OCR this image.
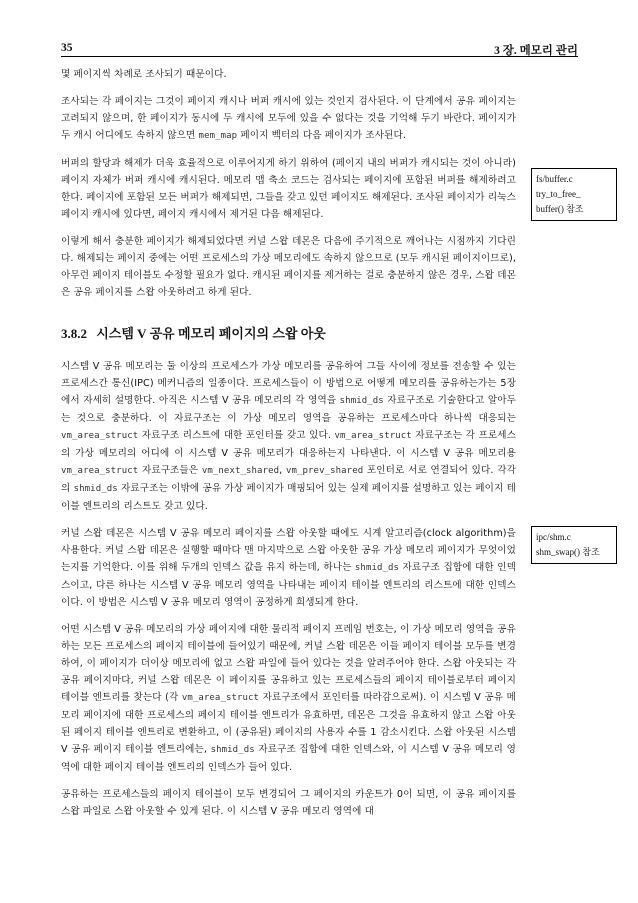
35	3 장. 메모리 관리

몇 페이지씩 차례로 조사되기 때문이다.

조사되는 각 페이지는 그것이 페이지 캐시나 버퍼 캐시에 있는 것인지 검사된다. 이 단계에서 공유 페이지는 고려되지 않으며, 한 페이지가 동시에 두 캐시에 모두에 있을 수 없다는 것을 기억해 두기 바란다. 페이지가 두 캐시 어디에도 속하지 않으면 mem_map 페이지 벡터의 다음 페이지가 조사된다.

버퍼의 할당과 해제가 더욱 효율적으로 이루어지게 하기 위하여 (페이지 내의 버퍼가 캐시되는 것이 아니라) 페이지 자체가 버퍼 캐시에 캐시된다. 메모리 맵 축소 코드는 검사되는 페이지에 포함된 버퍼를 해제하려고 한다. 페이지에 포함된 모든 버퍼가 해제되면, 그들을 갖고 있던 페이지도 해제된다. 조사된 페이지가 리눅스 페이지 캐시에 있다면, 페이지 캐시에서 제거된 다음 해제된다.

이렇게 해서 충분한 페이지가 해제되었다면 커널 스왑 데몬은 다음에 주기적으로 깨어나는 시점까지 기다린다. 해제되는 페이지 중에는 어떤 프로세스의 가상 메모리에도 속하지 않으므로 (모두 캐시된 페이지이므로), 아무런 페이지 테이블도 수정할 필요가 없다. 캐시된 페이지를 제거하는 걸로 충분하지 않은 경우, 스왑 데몬은 공유 페이지를 스왑 아웃하려고 하게 된다.

3.8.2 시스템 V 공유 메모리 페이지의 스왑 아웃

시스템 V 공유 메모리는 둘 이상의 프로세스가 가상 메모리를 공유하여 그들 사이에 정보를 전송할 수 있는 프로세스간 통신(IPC) 메커니즘의 일종이다. 프로세스들이 이 방법으로 어떻게 메모리를 공유하는가는 5장에서 자세히 설명한다. 아직은 시스템 V 공유 메모리의 각 영역을 shmid_ds 자료구조로 기술한다고 알아두는 것으로 충분하다. 이 자료구조는 이 가상 메모리 영역을 공유하는 프로세스마다 하나씩 대응되는 vm_area_struct 자료구조 리스트에 대한 포인터를 갖고 있다. vm_area_struct 자료구조는 각 프로세스의 가상 메모리의 어디에 이 시스템 V 공유 메모리가 대응하는지 나타낸다. 이 시스템 V 공유 메모리용 vm_area_struct 자료구조들은 vm_next_shared, vm_prev_shared 포인터로 서로 연결되어 있다. 각각의 shmid_ds 자료구조는 이밖에 공유 가상 페이지가 매핑되어 있는 실제 페이지를 설명하고 있는 페이지 테이블 엔트리의 리스트도 갖고 있다.

커널 스왑 데몬은 시스템 V 공유 메모리 페이지를 스왑 아웃할 때에도 시계 알고리즘(clock algorithm)을 사용한다. 커널 스왑 데몬은 실행할 때마다 맨 마지막으로 스왑 아웃한 공유 가상 메모리 페이지가 무엇이었는지를 기억한다. 이를 위해 두개의 인덱스 값을 유지 하는데, 하나는 shmid_ds 자료구조 집합에 대한 인덱스이고, 다른 하나는 시스템 V 공유 메모리 영역을 나타내는 페이지 테이블 엔트리의 리스트에 대한 인덱스이다. 이 방법은 시스템 V 공유 메모리 영역이 공정하게 희생되게 한다.

어떤 시스템 V 공유 메모리의 가상 페이지에 대한 물리적 페이지 프레임 번호는, 이 가상 메모리 영역을 공유하는 모든 프로세스의 페이지 테이블에 들어있기 때문에, 커널 스왑 데몬은 이들 페이지 테이블 모두를 변경하여, 이 페이지가 더이상 메모리에 없고 스왑 파일에 들어 있다는 것을 알려주어야 한다. 스왑 아웃되는 각 공유 페이지마다, 커널 스왑 데몬은 이 페이지를 공유하고 있는 프로세스들의 페이지 테이블로부터 페이지 테이블 엔트리를 찾는다 (각 vm_area_struct 자료구조에서 포인터를 따라감으로써). 이 시스템 V 공유 메모리 페이지에 대한 프로세스의 페이지 테이블 엔트리가 유효하면, 데몬은 그것을 유효하지 않고 스왑 아웃된 페이지 테이블 엔트리로 변환하고, 이 (공유된) 페이지의 사용자 수를 1 감소시킨다. 스왑 아웃된 시스템 V 공유 페이지 테이블 엔트리에는, shmid_ds 자료구조 집합에 대한 인덱스와, 이 시스템 V 공유 메모리 영역에 대한 페이지 테이블 엔트리의 인덱스가 들어 있다.

공유하는 프로세스들의 페이지 테이블이 모두 변경되어 그 페이지의 카운트가 0이 되면, 이 공유 페이지를 스왑 파일로 스왑 아웃할 수 있게 된다. 이 시스템 V 공유 메모리 영역에 대

fs/buffer.c
try_to_free_
buffer() 참조
ipc/shm.c
shm_swap() 참조
